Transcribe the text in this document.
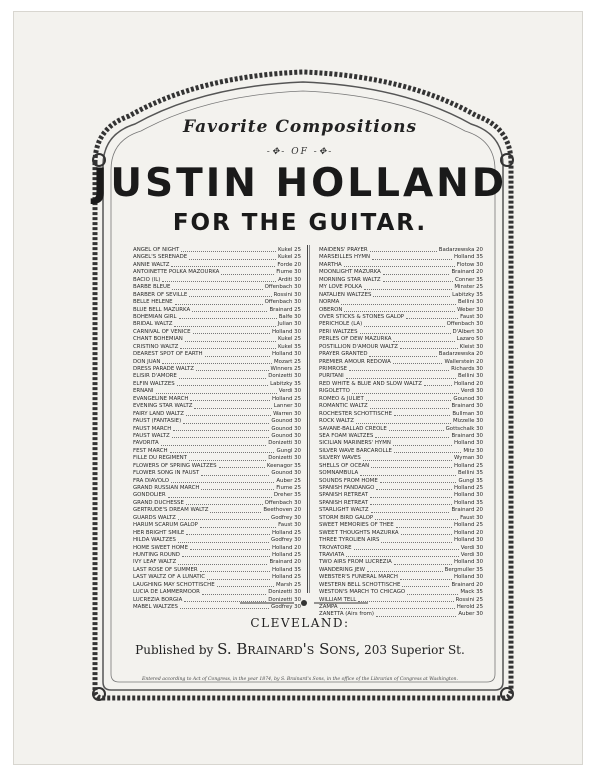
Favorite Compositions
-✥- OF -✥-
JUSTIN HOLLAND
FOR THE GUITAR.
ANGEL OF NIGHT	Kukel 25
ANGEL'S SERENADE	Kukel 25
ANNIE WALTZ	Forde 20
ANTOINETTE POLKA MAZOURKA	Fiume 30
BACIO (IL)	Arditi 30
BARBE BLEUE	Offenbach 30
BARBER OF SEVILLE	Rossini 30
BELLE HELENE	Offenbach 30
BLUE BELL MAZURKA	Brainard 25
BOHEMIAN GIRL	Balfe 30
BRIDAL WALTZ	Julian 30
CARNIVAL OF VENICE	Holland 30
CHANT BOHEMIAN	Kukel 25
CRISTINO WALTZ	Kukel 35
DEAREST SPOT OF EARTH	Holland 30
DON JUAN	Mozart 25
DRESS PARADE WALTZ	Winners 25
ELISIR D'AMORE	Donizetti 30
ELFIN WALTZES	Labitzky 35
ERNANI	Verdi 30
EVANGELINE MARCH	Holland 25
EVENING STAR WALTZ	Lanner 30
FAIRY LAND WALTZ	Warren 30
FAUST (FANTASIE)	Gounod 30
FAUST MARCH	Gounod 30
FAUST WALTZ	Gounod 30
FAVORITA	Donizetti 30
FEST MARCH	Gungl 20
FILLE DU REGIMENT	Donizetti 30
FLOWERS OF SPRING WALTZES	Keenagor 35
FLOWER SONG IN FAUST	Gounod 30
FRA DIAVOLO	Auber 25
GRAND RUSSIAN MARCH	Fiume 25
GONDOLIER	Dreher 35
GRAND DUCHESSE	Offenbach 30
GERTRUDE'S DREAM WALTZ	Beethoven 20
GUARDS WALTZ	Godfrey 30
HARUM SCARUM GALOP	Faust 30
HER BRIGHT SMILE	Holland 25
HILDA WALTZES	Godfrey 30
HOME SWEET HOME	Holland 20
HUNTING ROUND	Holland 25
IVY LEAF WALTZ	Brainard 20
LAST ROSE OF SUMMER	Holland 35
LAST WALTZ OF A LUNATIC	Holland 25
LAUGHING MAY SCHOTTISCHE	Marsh 25
LUCIA DE LAMMERMOOR	Donizetti 30
LUCREZIA BORGIA	Donizetti 30
MABEL WALTZES	Godfrey 30
MAIDENS' PRAYER	Badarzewska 20
MARSEILLES HYMN	Holland 35
MARTHA	Flotow 30
MOONLIGHT MAZURKA	Brainard 20
MORNING STAR WALTZ	Conner 35
MY LOVE POLKA	Minster 25
NATALIEN WALTZES	Labitzky 35
NORMA	Bellini 30
OBERON	Weber 30
OVER STICKS & STONES GALOP	Faust 30
PERICHOLE (LA)	Offenbach 30
PERI WALTZES	D'Albert 30
PERLES OF DEW MAZURKA	Lazaro 50
POSTILLION D'AMOUR WALTZ	Kleist 30
PRAYER GRANTED	Badarzewska 20
PREMIER AMOUR REDOWA	Wallerstein 20
PRIMROSE	Richards 30
PURITANI	Bellini 30
RED WHITE & BLUE AND SLOW WALTZ	Holland 20
RIGOLETTO	Verdi 30
ROMEO & JULIET	Gounod 30
ROMANTIC WALTZ	Brainard 30
ROCHESTER SCHOTTISCHE	Bullman 30
ROCK WALTZ	Mizzelle 30
SAVANE-BALLAD CREOLE	Gottschalk 30
SEA FOAM WALTZES	Brainard 30
SICILIAN MARINERS' HYMN	Holland 30
SILVER WAVE BARCAROLLE	Mitz 30
SILVERY WAVES	Wyman 30
SHELLS OF OCEAN	Holland 25
SOMNAMBULA	Bellini 35
SOUNDS FROM HOME	Gungl 35
SPANISH FANDANGO	Holland 25
SPANISH RETREAT	Holland 30
SPANISH RETREAT	Holland 35
STARLIGHT WALTZ	Brainard 20
STORM BIRD GALOP	Faust 30
SWEET MEMORIES OF THEE	Holland 25
SWEET THOUGHTS MAZURKA	Holland 20
THREE TYROLIEN AIRS	Holland 30
TROVATORE	Verdi 30
TRAVIATA	Verdi 30
TWO AIRS FROM LUCREZIA	Holland 30
WANDERING JEW	Bergmuller 35
WEBSTER'S FUNERAL MARCH	Holland 30
WESTERN BELL SCHOTTISCHE	Brainard 20
WESTON'S MARCH TO CHICAGO	Mack 35
WILLIAM TELL	Rossini 25
ZAMPA	Herold 25
ZANETTA (Airs from)	Auber 30
CLEVELAND:
Published by S. Brainard's Sons, 203 Superior St.
Entered according to Act of Congress, in the year 1874, by S. Brainard's Sons, in the office of the Librarian of Congress at Washington.
